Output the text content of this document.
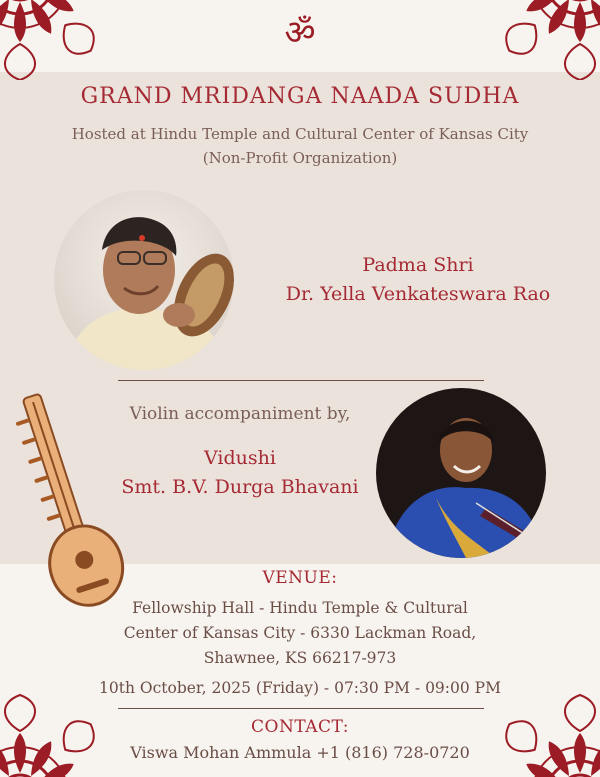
ॐ
GRAND MRIDANGA NAADA SUDHA
Hosted at Hindu Temple and Cultural Center of Kansas City
(Non-Profit Organization)
Padma Shri
Dr. Yella Venkateswara Rao
Violin accompaniment by,
Vidushi
Smt. B.V. Durga Bhavani
VENUE:
Fellowship Hall - Hindu Temple & Cultural
Center of Kansas City - 6330 Lackman Road,
Shawnee, KS 66217-973
10th October, 2025 (Friday) - 07:30 PM - 09:00 PM
CONTACT:
Viswa Mohan Ammula +1 (816) 728-0720
